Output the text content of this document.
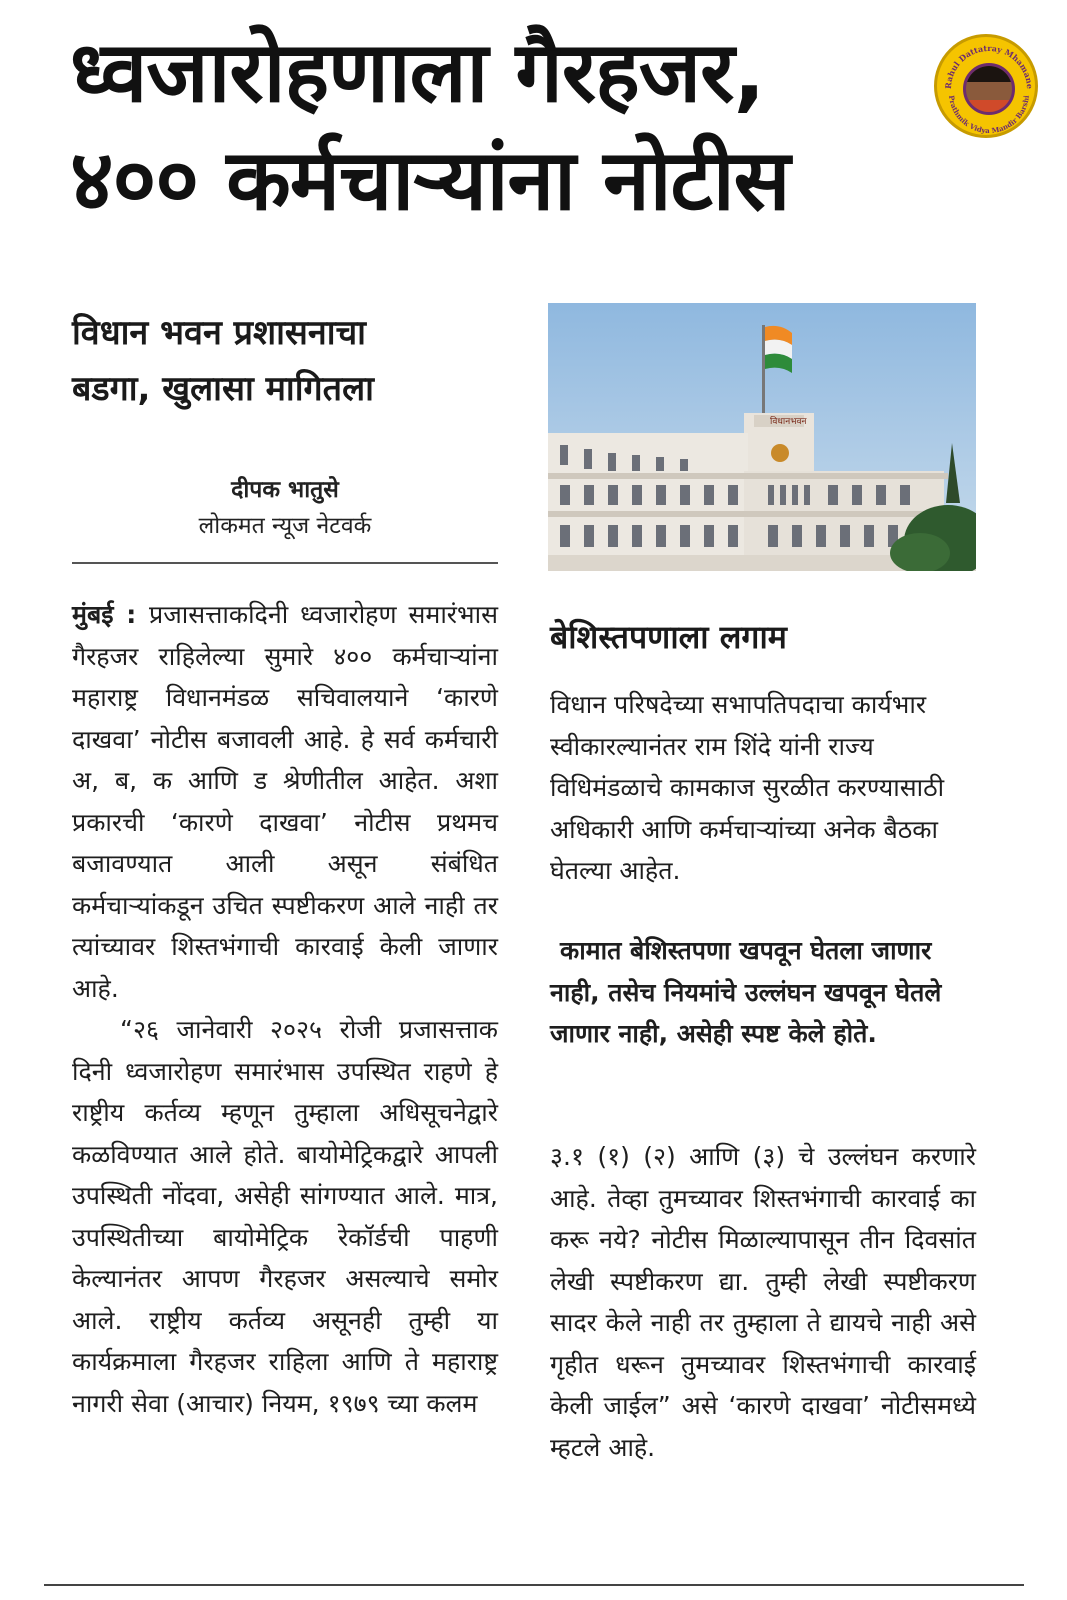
ध्वजारोहणाला गैरहजर,
४०० कर्मचाऱ्यांना नोटीस
Rahul Dattatray Mhamane
Prathmik Vidya Mandir Barshi
विधान भवन प्रशासनाचा
बडगा, खुलासा मागितला
दीपक भातुसे
लोकमत न्यूज नेटवर्क

मुंबई : प्रजासत्ताकदिनी ध्वजारोहण समारंभास गैरहजर राहिलेल्या सुमारे ४०० कर्मचाऱ्यांना महाराष्ट्र विधानमंडळ सचिवालयाने ‘कारणे दाखवा’ नोटीस बजावली आहे. हे सर्व कर्मचारी अ, ब, क आणि ड श्रेणीतील आहेत. अशा प्रकारची ‘कारणे दाखवा’ नोटीस प्रथमच बजावण्यात आली असून संबंधित कर्मचाऱ्यांकडून उचित स्पष्टीकरण आले नाही तर त्यांच्यावर शिस्तभंगाची कारवाई केली जाणार आहे.

“२६ जानेवारी २०२५ रोजी प्रजासत्ताक दिनी ध्वजारोहण समारंभास उपस्थित राहणे हे राष्ट्रीय कर्तव्य म्हणून तुम्हाला अधिसूचनेद्वारे कळविण्यात आले होते. बायोमेट्रिकद्वारे आपली उपस्थिती नोंदवा, असेही सांगण्यात आले. मात्र, उपस्थितीच्या बायोमेट्रिक रेकॉर्डची पाहणी केल्यानंतर आपण गैरहजर असल्याचे समोर आले. राष्ट्रीय कर्तव्य असूनही तुम्ही या कार्यक्रमाला गैरहजर राहिला आणि ते महाराष्ट्र नागरी सेवा (आचार) नियम, १९७९ च्या कलम

विधानभवन
बेशिस्तपणाला लगाम

विधान परिषदेच्या सभापतिपदाचा कार्यभार स्वीकारल्यानंतर राम शिंदे यांनी राज्य विधिमंडळाचे कामकाज सुरळीत करण्यासाठी अधिकारी आणि कर्मचाऱ्यांच्या अनेक बैठका घेतल्या आहेत.

कामात बेशिस्तपणा खपवून घेतला जाणार नाही, तसेच नियमांचे उल्लंघन खपवून घेतले जाणार नाही, असेही स्पष्ट केले होते.

३.१ (१) (२) आणि (३) चे उल्लंघन करणारे आहे. तेव्हा तुमच्यावर शिस्तभंगाची कारवाई का करू नये? नोटीस मिळाल्यापासून तीन दिवसांत लेखी स्पष्टीकरण द्या. तुम्ही लेखी स्पष्टीकरण सादर केले नाही तर तुम्हाला ते द्यायचे नाही असे गृहीत धरून तुमच्यावर शिस्तभंगाची कारवाई केली जाईल” असे ‘कारणे दाखवा’ नोटीसमध्ये म्हटले आहे.
